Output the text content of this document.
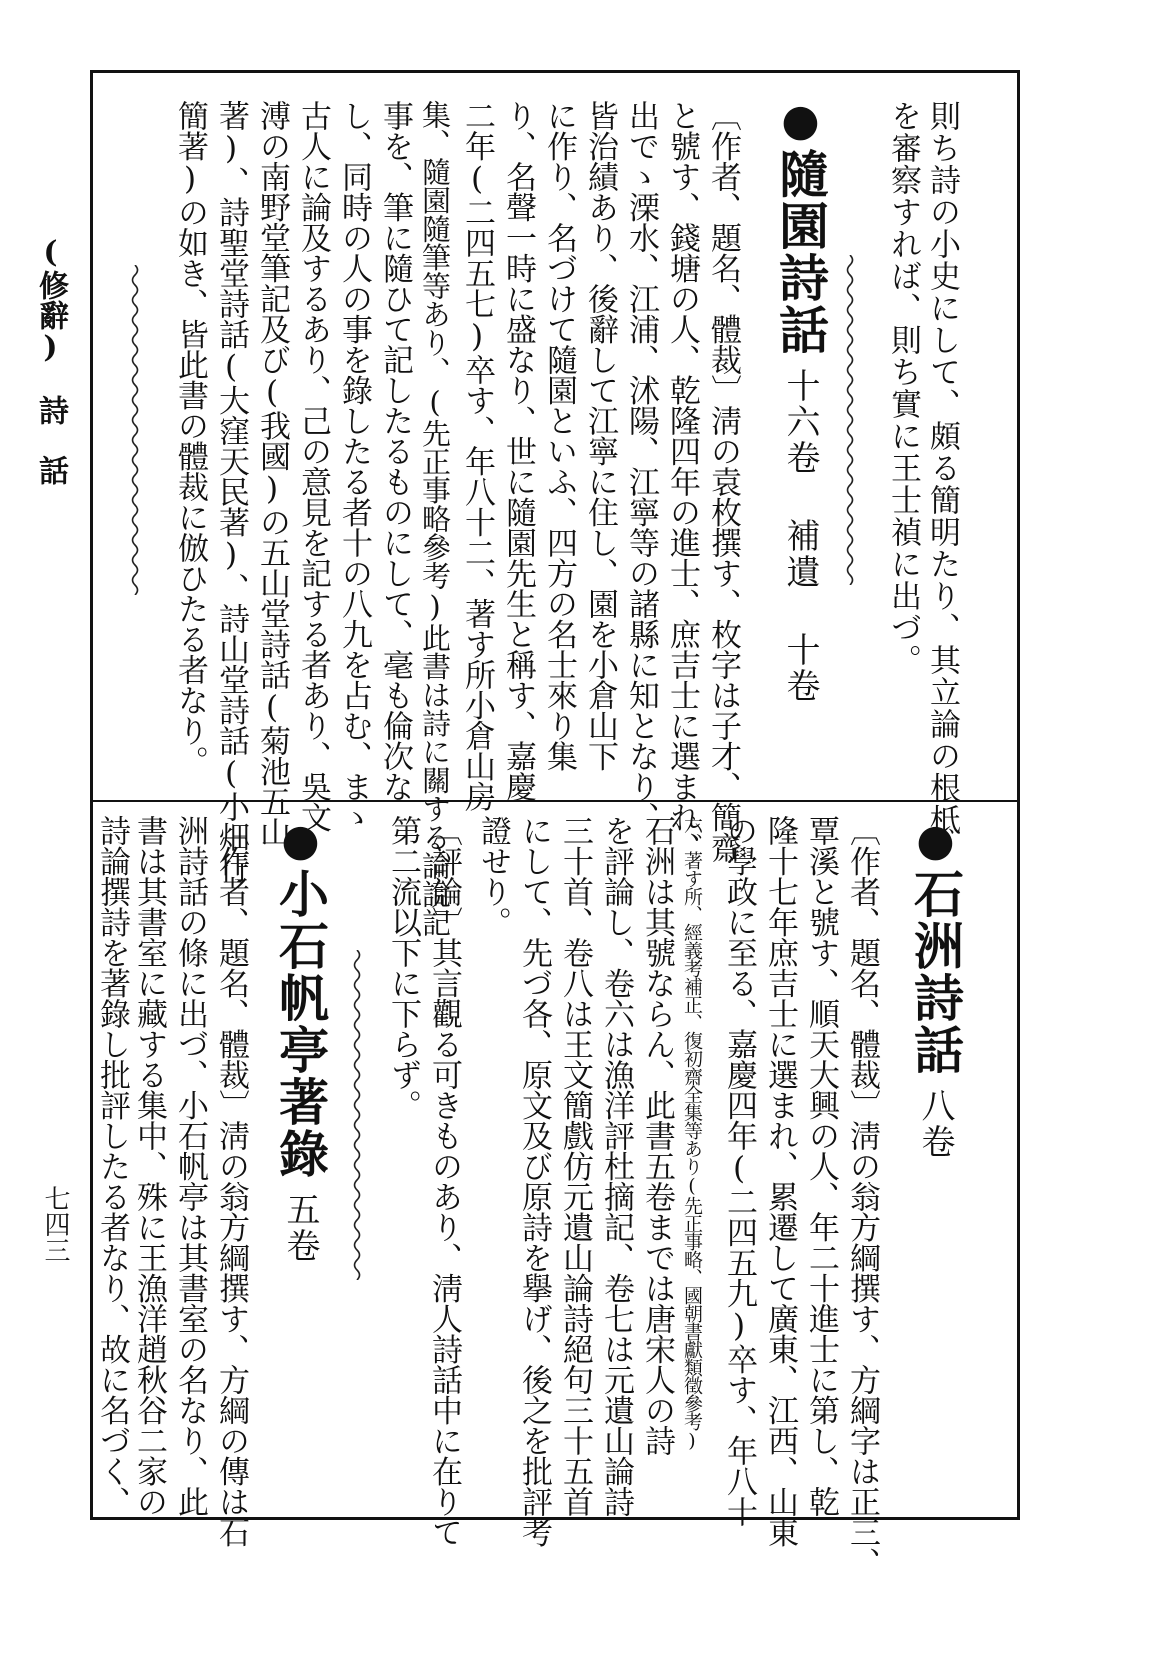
(修辭)　詩　話
七四三
則ち詩の小史にして、頗る簡明たり、其立論の根柢
を審察すれば、則ち實に王士禎に出づ。
●隨園詩話十六卷 補遺 十卷
〔作者、題名、體裁〕淸の袁枚撰す、枚字は子才、簡齋
と號す、錢塘の人、乾隆四年の進士、庶吉士に選まれ、
出でゝ溧水、江浦、沭陽、江寧等の諸縣に知となり、
皆治績あり、後辭して江寧に住し、園を小倉山下
に作り、名づけて隨園といふ、四方の名士來り集
り、名聲一時に盛なり、世に隨園先生と稱す、嘉慶
二年(二四五七)卒す、年八十二、著す所小倉山房
集、隨園隨筆等あり、(先正事略參考)此書は詩に關する論說記
事を、筆に隨ひて記したるものにして、毫も倫次な
し、同時の人の事を錄したる者十の八九を占む、まゝ
古人に論及するあり、己の意見を記する者あり、吳文
溥の南野堂筆記及び(我國)の五山堂詩話(菊池五山
著)、詩聖堂詩話(大窪天民著)、詩山堂詩話(小畑行
簡著)の如き、皆此書の體裁に倣ひたる者なり。
●石洲詩話八卷
〔作者、題名、體裁〕淸の翁方綱撰す、方綱字は正三、
覃溪と號す、順天大興の人、年二十進士に第し、乾
隆十七年庶吉士に選まれ、累遷して廣東、江西、山東
の學政に至る、嘉慶四年(二四五九)卒す、年八十
六、著す所、經義考補正、復初齋全集等あり(先正事略、國朝書獻類徵參考)
石洲は其號ならん、此書五卷までは唐宋人の詩
を評論し、卷六は漁洋評杜摘記、卷七は元遺山論詩
三十首、卷八は王文簡戲仿元遺山論詩絕句三十五首
にして、先づ各、原文及び原詩を擧げ、後之を批評考
證せり。
〔評論〕其言觀る可きものあり、淸人詩話中に在りて
第二流以下に下らず。
●小石帆亭著錄五卷
〔作者、題名、體裁〕淸の翁方綱撰す、方綱の傳は石
洲詩話の條に出づ、小石帆亭は其書室の名なり、此
書は其書室に藏する集中、殊に王漁洋趙秋谷二家の
詩論撰詩を著錄し批評したる者なり、故に名づく、
